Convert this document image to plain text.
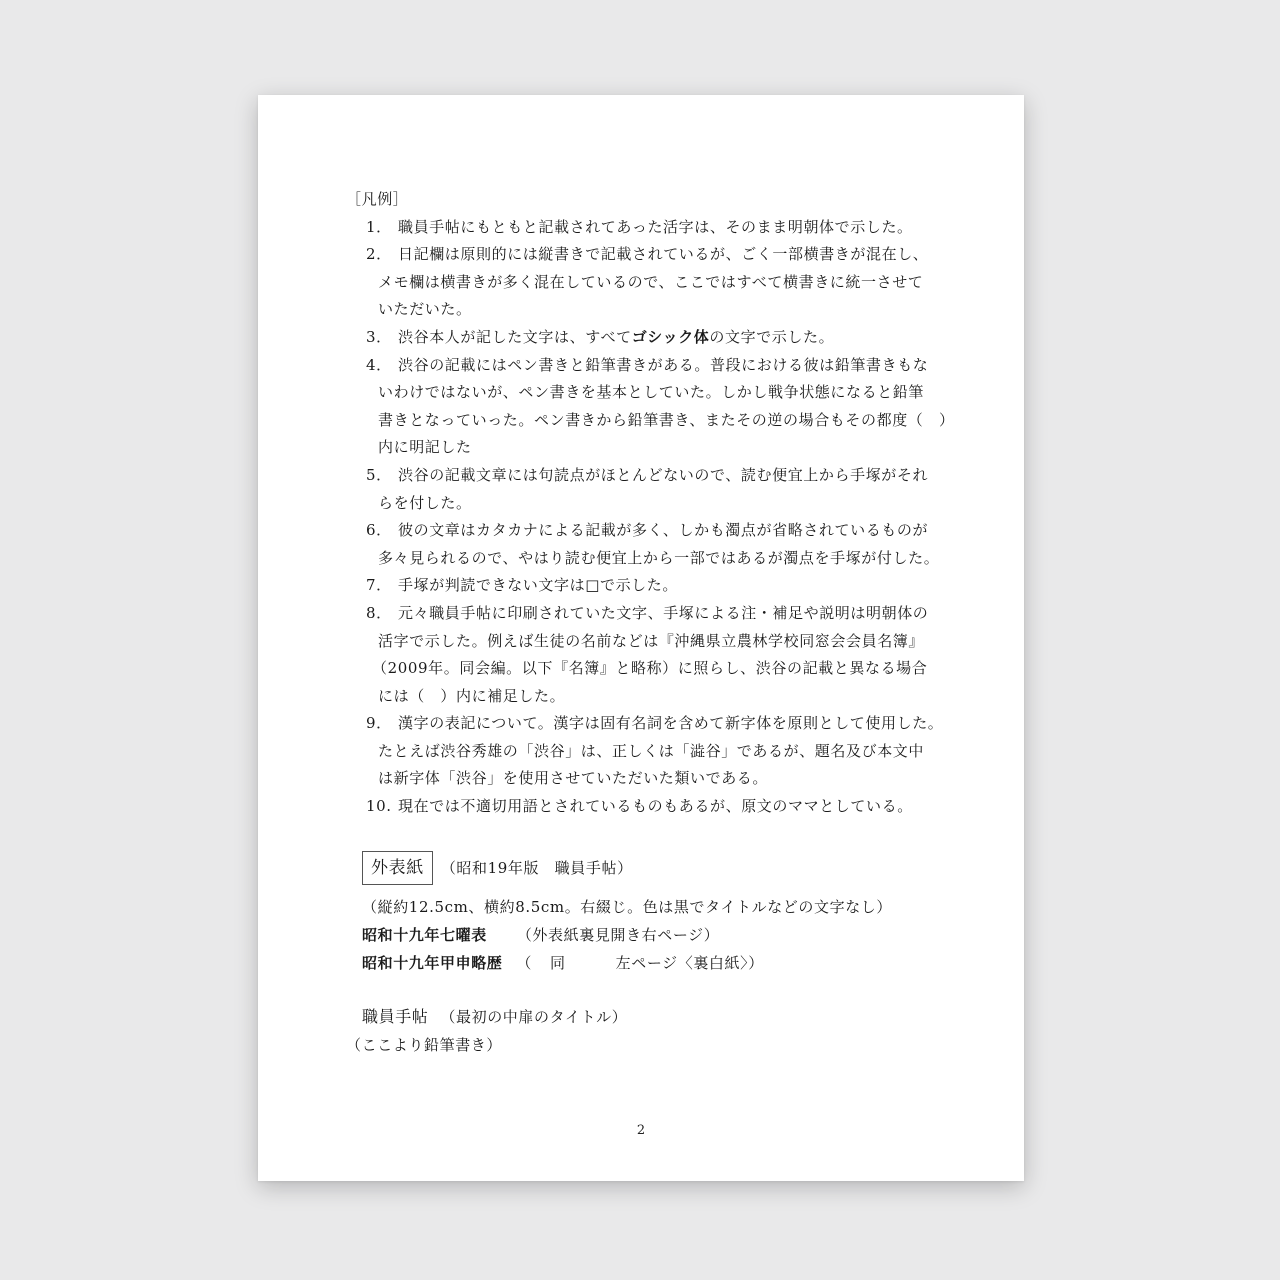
［凡例］
1． 職員手帖にもともと記載されてあった活字は、そのまま明朝体で示した。
2． 日記欄は原則的には縦書きで記載されているが、ごく一部横書きが混在し、
メモ欄は横書きが多く混在しているので、ここではすべて横書きに統一させて
いただいた。
3． 渋谷本人が記した文字は、すべてゴシック体の文字で示した。
4． 渋谷の記載にはペン書きと鉛筆書きがある。普段における彼は鉛筆書きもな
いわけではないが、ペン書きを基本としていた。しかし戦争状態になると鉛筆
書きとなっていった。ペン書きから鉛筆書き、またその逆の場合もその都度（　）
内に明記した
5． 渋谷の記載文章には句読点がほとんどないので、読む便宜上から手塚がそれ
らを付した。
6． 彼の文章はカタカナによる記載が多く、しかも濁点が省略されているものが
多々見られるので、やはり読む便宜上から一部ではあるが濁点を手塚が付した。
7． 手塚が判読できない文字は□で示した。
8． 元々職員手帖に印刷されていた文字、手塚による注・補足や説明は明朝体の
活字で示した。例えば生徒の名前などは『沖縄県立農林学校同窓会会員名簿』
（2009年。同会編。以下『名簿』と略称）に照らし、渋谷の記載と異なる場合
には（　）内に補足した。
9． 漢字の表記について。漢字は固有名詞を含めて新字体を原則として使用した。
たとえば渋谷秀雄の「渋谷」は、正しくは「澁谷」であるが、題名及び本文中
は新字体「渋谷」を使用させていただいた類いである。
10. 現在では不適切用語とされているものもあるが、原文のママとしている。
外表紙	（昭和19年版　職員手帖）
（縦約12.5cm、横約8.5cm。右綴じ。色は黒でタイトルなどの文字なし）
昭和十九年七曜表 （外表紙裏見開き右ページ）
昭和十九年甲申略歴 （ 同	左ページ〈裏白紙〉）
職員手帖 （最初の中扉のタイトル）
（ここより鉛筆書き）
2
